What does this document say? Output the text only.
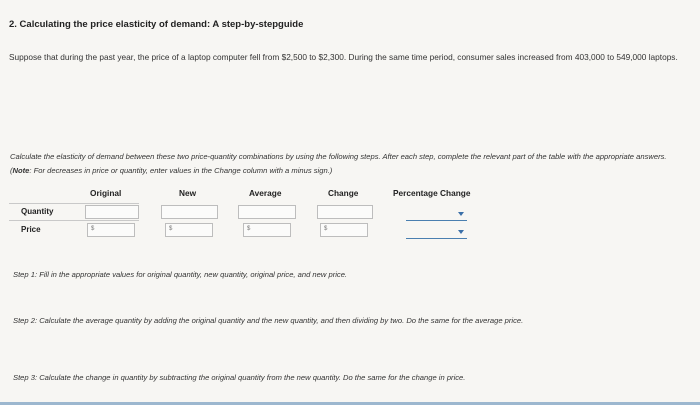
2. Calculating the price elasticity of demand: A step-by-stepguide
Suppose that during the past year, the price of a laptop computer fell from $2,500 to $2,300. During the same time period, consumer sales increased from 403,000 to 549,000 laptops.
Calculate the elasticity of demand between these two price-quantity combinations by using the following steps. After each step, complete the relevant part of the table with the appropriate answers. (Note: For decreases in price or quantity, enter values in the Change column with a minus sign.)
Original	New	Average	Change	Percentage Change
Quantity
Price	$	$	$	$
Step 1: Fill in the appropriate values for original quantity, new quantity, original price, and new price.
Step 2: Calculate the average quantity by adding the original quantity and the new quantity, and then dividing by two. Do the same for the average price.
Step 3: Calculate the change in quantity by subtracting the original quantity from the new quantity. Do the same for the change in price.
